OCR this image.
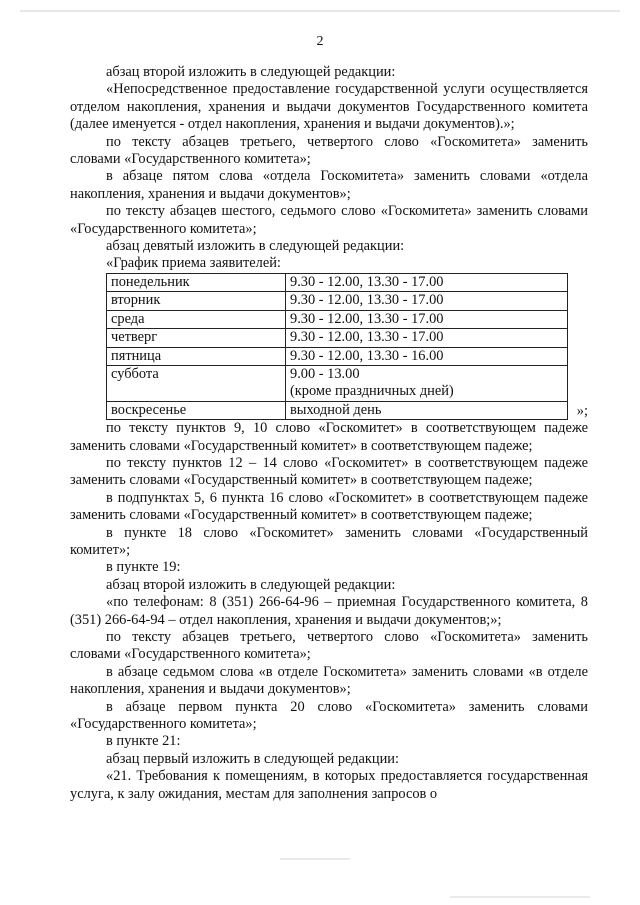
2

абзац второй изложить в следующей редакции:

«Непосредственное предоставление государственной услуги осуществляется отделом накопления, хранения и выдачи документов Государственного комитета (далее именуется - отдел накопления, хранения и выдачи документов).»;

по тексту абзацев третьего, четвертого слово «Госкомитета» заменить словами «Государственного комитета»;

в абзаце пятом слова «отдела Госкомитета» заменить словами «отдела накопления, хранения и выдачи документов»;

по тексту абзацев шестого, седьмого слово «Госкомитета» заменить словами «Государственного комитета»;

абзац девятый изложить в следующей редакции:

«График приема заявителей:

понедельник	9.30 - 12.00, 13.30 - 17.00

вторник	9.30 - 12.00, 13.30 - 17.00

среда	9.30 - 12.00, 13.30 - 17.00

четверг	9.30 - 12.00, 13.30 - 17.00

пятница	9.30 - 12.00, 13.30 - 16.00

суббота	9.00 - 13.00
(кроме праздничных дней)

воскресенье	выходной день	»;

по тексту пунктов 9, 10 слово «Госкомитет» в соответствующем падеже заменить словами «Государственный комитет» в соответствующем падеже;

по тексту пунктов 12 – 14 слово «Госкомитет» в соответствующем падеже заменить словами «Государственный комитет» в соответствующем падеже;

в подпунктах 5, 6 пункта 16 слово «Госкомитет» в соответствующем падеже заменить словами «Государственный комитет» в соответствующем падеже;

в пункте 18 слово «Госкомитет» заменить словами «Государственный комитет»;

в пункте 19:

абзац второй изложить в следующей редакции:

«по телефонам: 8 (351) 266-64-96 – приемная Государственного комитета, 8 (351) 266-64-94 – отдел накопления, хранения и выдачи документов;»;

по тексту абзацев третьего, четвертого слово «Госкомитета» заменить словами «Государственного комитета»;

в абзаце седьмом слова «в отделе Госкомитета» заменить словами «в отделе накопления, хранения и выдачи документов»;

в абзаце первом пункта 20 слово «Госкомитета» заменить словами «Государственного комитета»;

в пункте 21:

абзац первый изложить в следующей редакции:

«21. Требования к помещениям, в которых предоставляется государственная услуга, к залу ожидания, местам для заполнения запросов о
